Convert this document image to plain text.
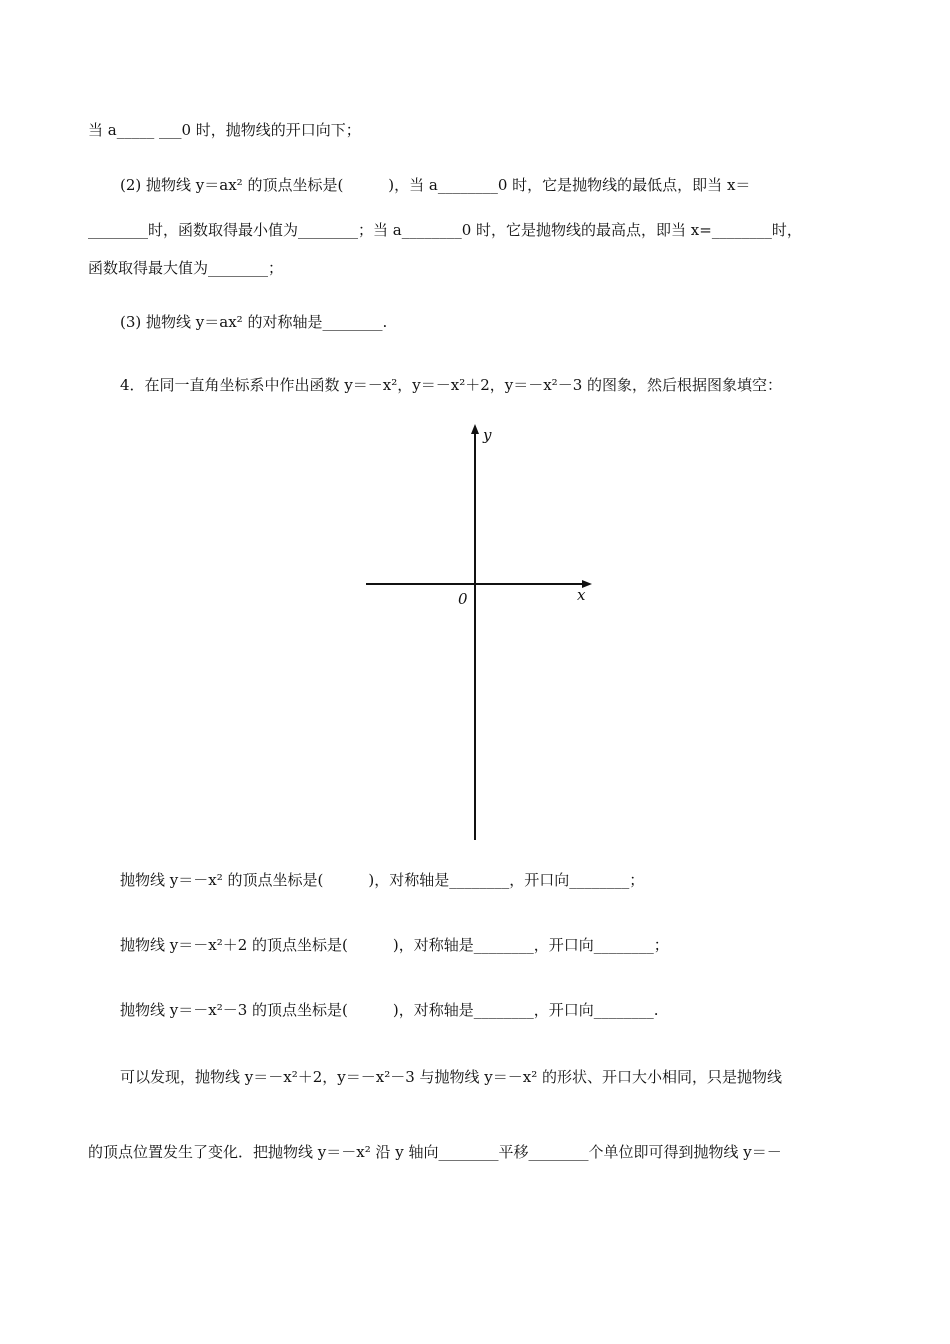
当 a_____ ___0 时，抛物线的开口向下；
(2) 抛物线 y＝ax² 的顶点坐标是(　　　)，当 a________0 时，它是抛物线的最低点，即当 x＝
________时，函数取得最小值为________；当 a________0 时，它是抛物线的最高点，即当 x=________时，
函数取得最大值为________；
(3) 抛物线 y＝ax² 的对称轴是________.
4．在同一直角坐标系中作出函数 y＝－x²，y＝－x²＋2，y＝－x²－3 的图象，然后根据图象填空：
y
x
0
抛物线 y＝－x² 的顶点坐标是(　　　)，对称轴是________，开口向________；
抛物线 y＝－x²＋2 的顶点坐标是(　　　)，对称轴是________，开口向________；
抛物线 y＝－x²－3 的顶点坐标是(　　　)，对称轴是________，开口向________.
可以发现，抛物线 y＝－x²＋2，y＝－x²－3 与抛物线 y＝－x² 的形状、开口大小相同，只是抛物线
的顶点位置发生了变化．把抛物线 y＝－x² 沿 y 轴向________平移________个单位即可得到抛物线 y＝－
